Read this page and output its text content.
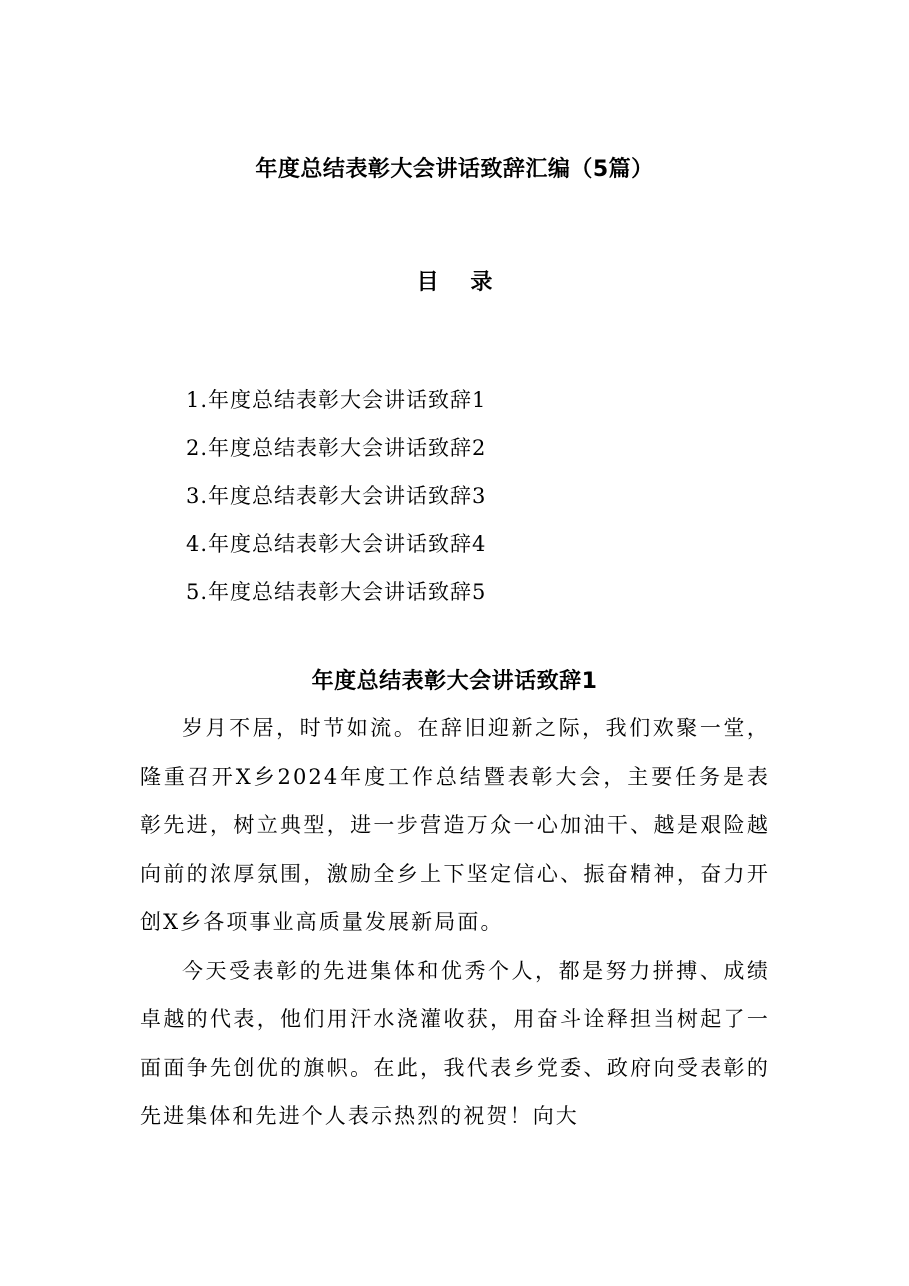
年度总结表彰大会讲话致辞汇编（5篇）
目 录
1.年度总结表彰大会讲话致辞1
2.年度总结表彰大会讲话致辞2
3.年度总结表彰大会讲话致辞3
4.年度总结表彰大会讲话致辞4
5.年度总结表彰大会讲话致辞5
年度总结表彰大会讲话致辞1

岁月不居，时节如流。在辞旧迎新之际，我们欢聚一堂，隆重召开X乡2024年度工作总结暨表彰大会，主要任务是表彰先进，树立典型，进一步营造万众一心加油干、越是艰险越向前的浓厚氛围，激励全乡上下坚定信心、振奋精神，奋力开创X乡各项事业高质量发展新局面。

今天受表彰的先进集体和优秀个人，都是努力拼搏、成绩卓越的代表，他们用汗水浇灌收获，用奋斗诠释担当树起了一面面争先创优的旗帜。在此，我代表乡党委、政府向受表彰的先进集体和先进个人表示热烈的祝贺！向大
